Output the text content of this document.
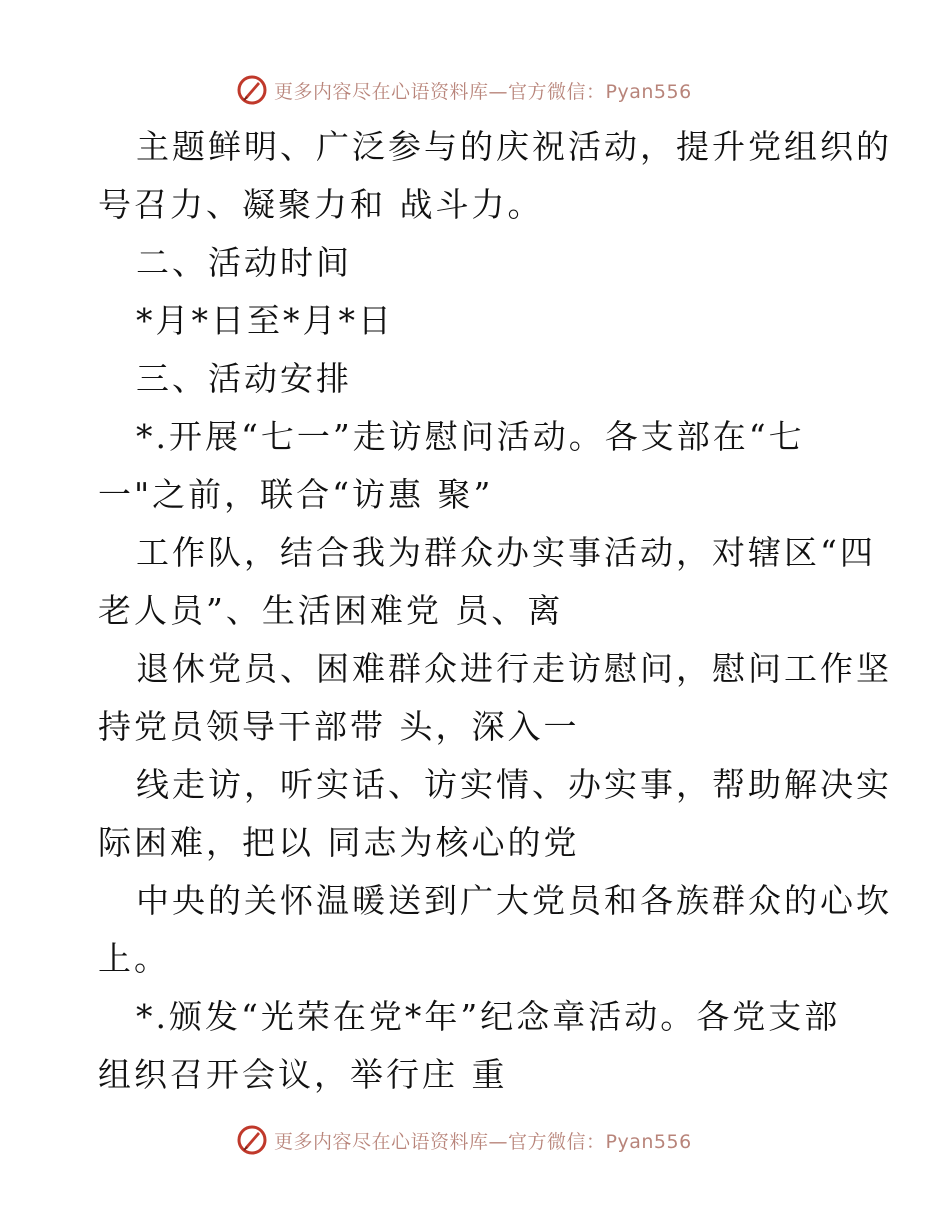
更多内容尽在心语资料库—官方微信：Pyan556
主题鲜明、广泛参与的庆祝活动，提升党组织的
号召力、凝聚力和 战斗力。
二、活动时间
*月*日至*月*日
三、活动安排
*.开展“七一”走访慰问活动。各支部在“七
一"之前，联合“访惠 聚”
工作队，结合我为群众办实事活动，对辖区“四
老人员”、生活困难党 员、离
退休党员、困难群众进行走访慰问，慰问工作坚
持党员领导干部带 头，深入一
线走访，听实话、访实情、办实事，帮助解决实
际困难，把以 同志为核心的党
中央的关怀温暖送到广大党员和各族群众的心坎
上。
*.颁发“光荣在党*年”纪念章活动。各党支部
组织召开会议，举行庄 重
更多内容尽在心语资料库—官方微信：Pyan556
